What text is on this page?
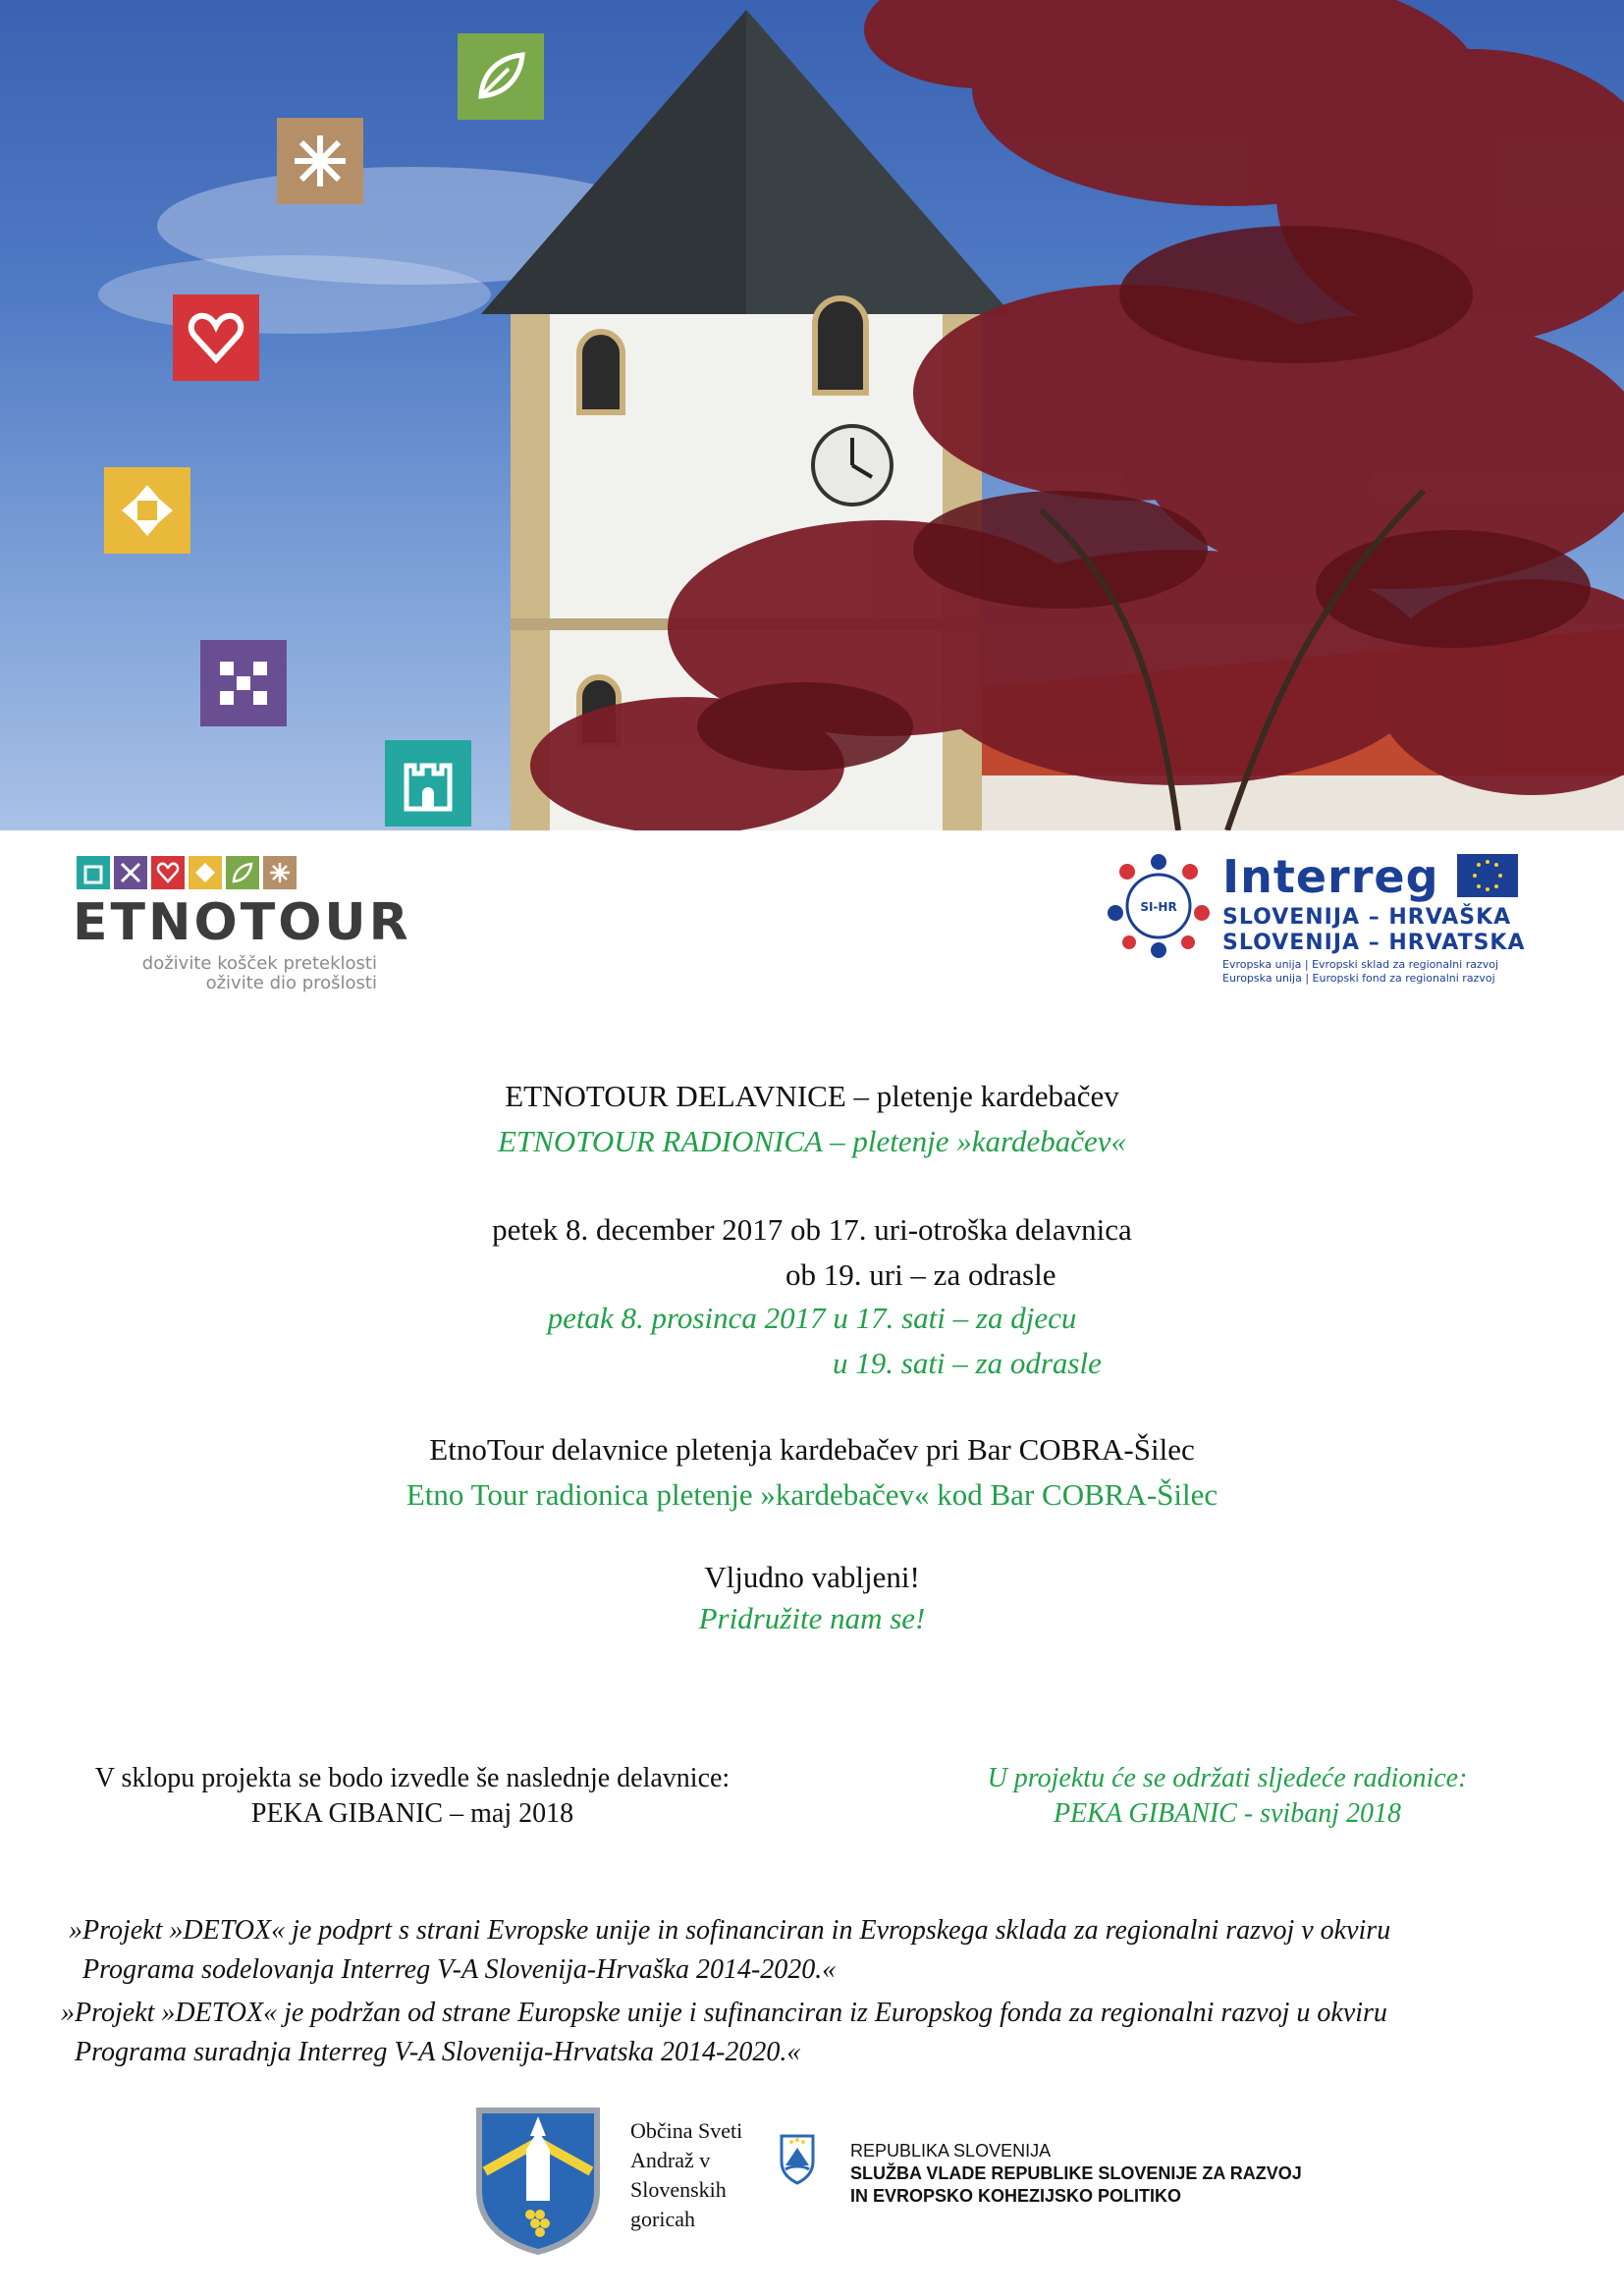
ETNOTOUR
doživite košček preteklosti
oživite dio prošlosti
SI-HR
Interreg
SLOVENIJA – HRVAŠKA
SLOVENIJA – HRVATSKA
Evropska unija | Evropski sklad za regionalni razvoj
Europska unija | Europski fond za regionalni razvoj
ETNOTOUR DELAVNICE – pletenje kardebačev
ETNOTOUR RADIONICA – pletenje »kardebačev«
petek 8. december 2017 ob 17. uri-otroška delavnica
ob 19. uri – za odrasle
petak 8. prosinca 2017 u 17. sati – za djecu
u 19. sati – za odrasle
EtnoTour delavnice pletenja kardebačev pri Bar COBRA-Šilec
Etno Tour radionica pletenje »kardebačev« kod Bar COBRA-Šilec
Vljudno vabljeni!
Pridružite nam se!
V sklopu projekta se bodo izvedle še naslednje delavnice:
PEKA GIBANIC – maj 2018
U projektu će se održati sljedeće radionice:
PEKA GIBANIC - svibanj 2018
»Projekt »DETOX« je podprt s strani Evropske unije in sofinanciran in Evropskega sklada za regionalni razvoj v okviru
Programa sodelovanja Interreg V-A Slovenija-Hrvaška 2014-2020.«
»Projekt »DETOX« je podržan od strane Europske unije i sufinanciran iz Europskog fonda za regionalni razvoj u okviru
Programa suradnja Interreg V-A Slovenija-Hrvatska 2014-2020.«
Občina Sveti
Andraž v
Slovenskih
goricah
REPUBLIKA SLOVENIJA
SLUŽBA VLADE REPUBLIKE SLOVENIJE ZA RAZVOJ
IN EVROPSKO KOHEZIJSKO POLITIKO
